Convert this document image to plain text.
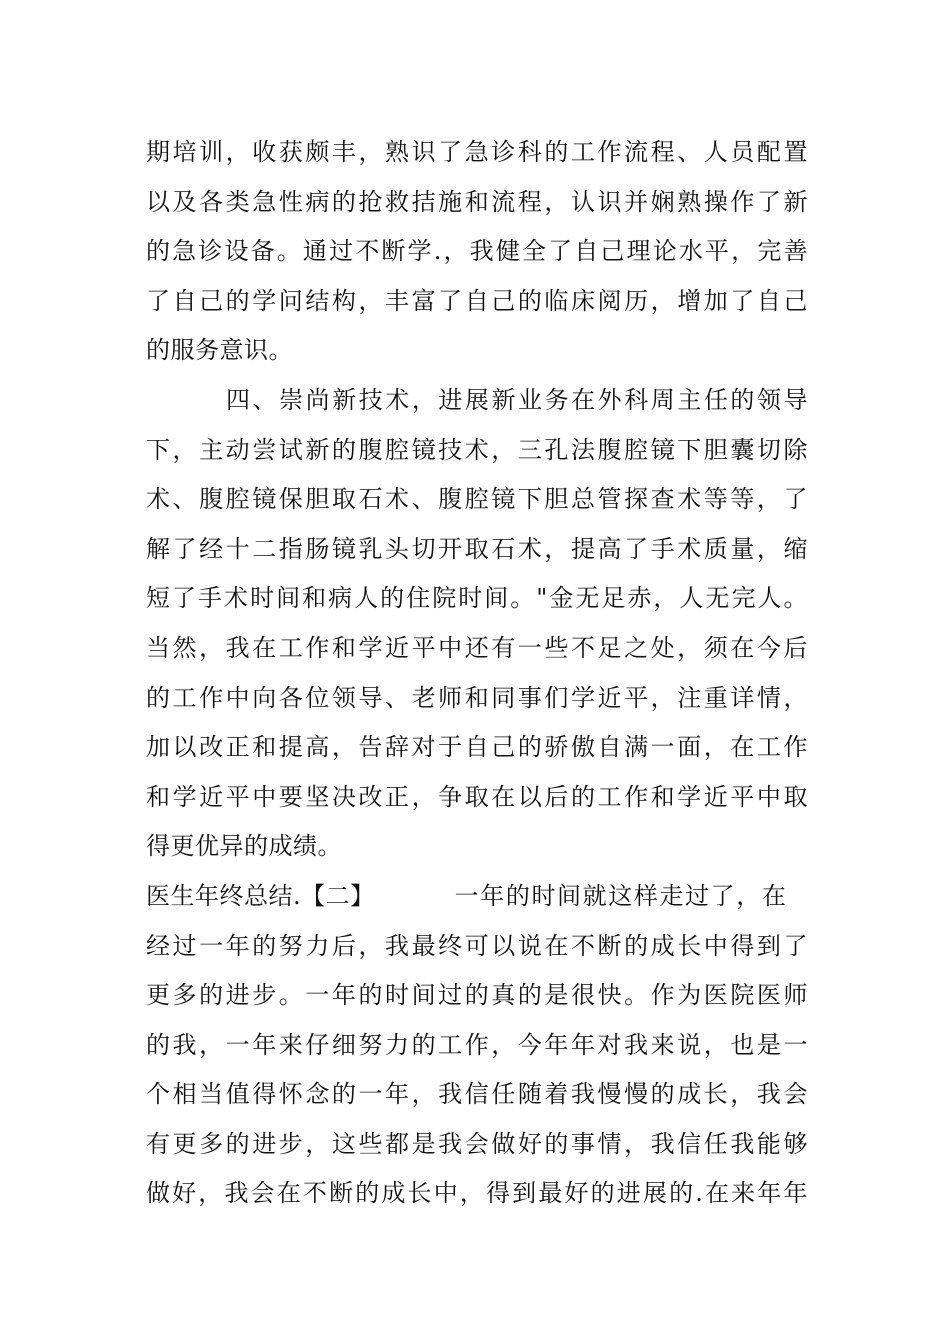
期培训，收获颇丰，熟识了急诊科的工作流程、人员配置
以及各类急性病的抢救拮施和流程，认识并娴熟操作了新
的急诊设备。通过不断学.，我健全了自己理论水平，完善
了自己的学问结构，丰富了自己的临床阅历，增加了自己
的服务意识。
四、崇尚新技术，进展新业务在外科周主任的领导
下，主动尝试新的腹腔镜技术，三孔法腹腔镜下胆囊切除
术、腹腔镜保胆取石术、腹腔镜下胆总管探查术等等，了
解了经十二指肠镜乳头切开取石术，提高了手术质量，缩
短了手术时间和病人的住院时间。"金无足赤，人无完人。
当然，我在工作和学近平中还有一些不足之处，须在今后
的工作中向各位领导、老师和同事们学近平，注重详情，
加以改正和提高，告辞对于自己的骄傲自满一面，在工作
和学近平中要坚决改正，争取在以后的工作和学近平中取
得更优异的成绩。
医生年终总结.【二】	一年的时间就这样走过了，在
经过一年的努力后，我最终可以说在不断的成长中得到了
更多的进步。一年的时间过的真的是很快。作为医院医师
的我，一年来仔细努力的工作，今年年对我来说，也是一
个相当值得怀念的一年，我信任随着我慢慢的成长，我会
有更多的进步，这些都是我会做好的事情，我信任我能够
做好，我会在不断的成长中，得到最好的进展的.在来年年
